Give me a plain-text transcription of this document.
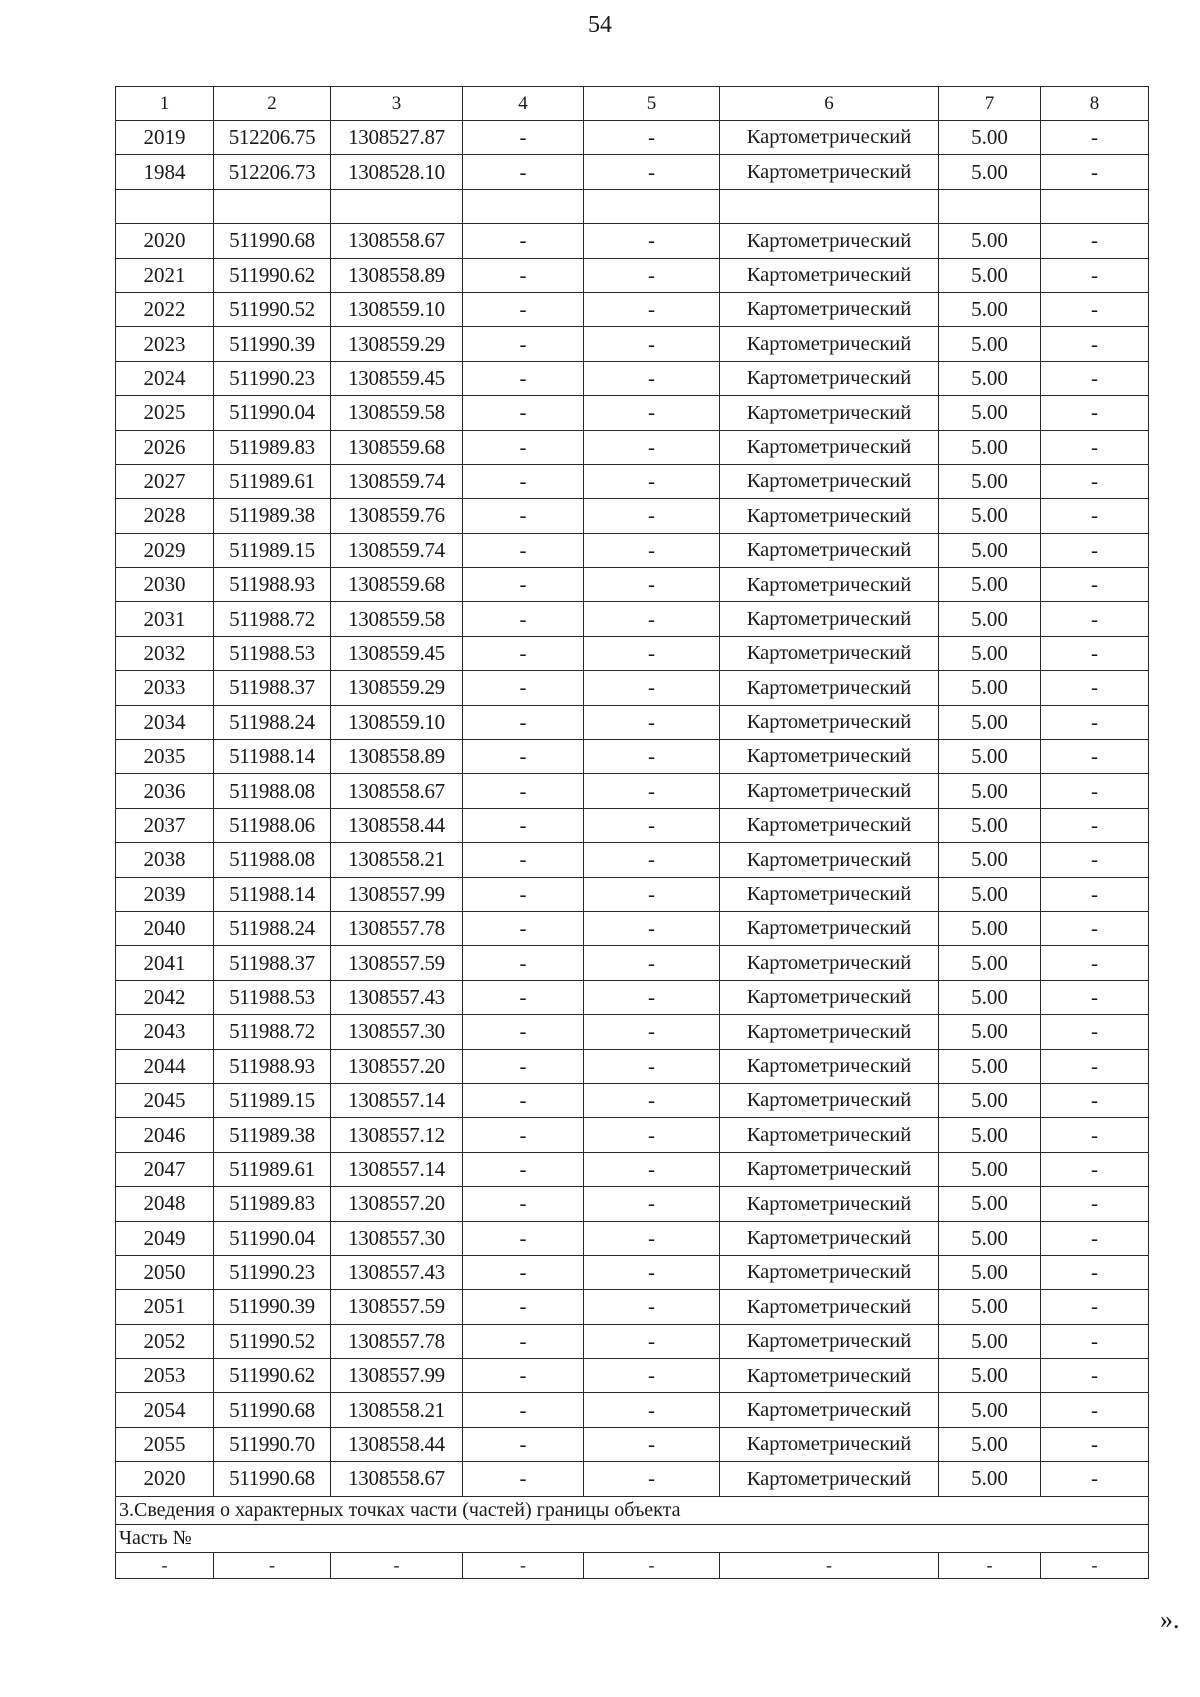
54
1	2	3	4	5	6	7	8
2019	512206.75	1308527.87	-	-	Картометрический	5.00	-
1984	512206.73	1308528.10	-	-	Картометрический	5.00	-

2020	511990.68	1308558.67	-	-	Картометрический	5.00	-
2021	511990.62	1308558.89	-	-	Картометрический	5.00	-
2022	511990.52	1308559.10	-	-	Картометрический	5.00	-
2023	511990.39	1308559.29	-	-	Картометрический	5.00	-
2024	511990.23	1308559.45	-	-	Картометрический	5.00	-
2025	511990.04	1308559.58	-	-	Картометрический	5.00	-
2026	511989.83	1308559.68	-	-	Картометрический	5.00	-
2027	511989.61	1308559.74	-	-	Картометрический	5.00	-
2028	511989.38	1308559.76	-	-	Картометрический	5.00	-
2029	511989.15	1308559.74	-	-	Картометрический	5.00	-
2030	511988.93	1308559.68	-	-	Картометрический	5.00	-
2031	511988.72	1308559.58	-	-	Картометрический	5.00	-
2032	511988.53	1308559.45	-	-	Картометрический	5.00	-
2033	511988.37	1308559.29	-	-	Картометрический	5.00	-
2034	511988.24	1308559.10	-	-	Картометрический	5.00	-
2035	511988.14	1308558.89	-	-	Картометрический	5.00	-
2036	511988.08	1308558.67	-	-	Картометрический	5.00	-
2037	511988.06	1308558.44	-	-	Картометрический	5.00	-
2038	511988.08	1308558.21	-	-	Картометрический	5.00	-
2039	511988.14	1308557.99	-	-	Картометрический	5.00	-
2040	511988.24	1308557.78	-	-	Картометрический	5.00	-
2041	511988.37	1308557.59	-	-	Картометрический	5.00	-
2042	511988.53	1308557.43	-	-	Картометрический	5.00	-
2043	511988.72	1308557.30	-	-	Картометрический	5.00	-
2044	511988.93	1308557.20	-	-	Картометрический	5.00	-
2045	511989.15	1308557.14	-	-	Картометрический	5.00	-
2046	511989.38	1308557.12	-	-	Картометрический	5.00	-
2047	511989.61	1308557.14	-	-	Картометрический	5.00	-
2048	511989.83	1308557.20	-	-	Картометрический	5.00	-
2049	511990.04	1308557.30	-	-	Картометрический	5.00	-
2050	511990.23	1308557.43	-	-	Картометрический	5.00	-
2051	511990.39	1308557.59	-	-	Картометрический	5.00	-
2052	511990.52	1308557.78	-	-	Картометрический	5.00	-
2053	511990.62	1308557.99	-	-	Картометрический	5.00	-
2054	511990.68	1308558.21	-	-	Картометрический	5.00	-
2055	511990.70	1308558.44	-	-	Картометрический	5.00	-
2020	511990.68	1308558.67	-	-	Картометрический	5.00	-
3.Сведения о характерных точках части (частей) границы объекта							
Часть №							
-	-	-	-	-	-	-	-
».
